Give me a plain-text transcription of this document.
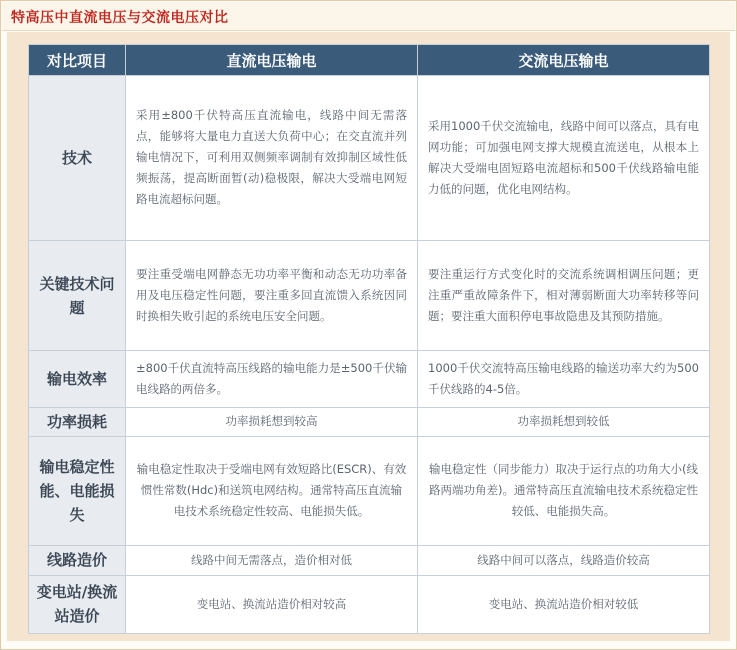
特高压中直流电压与交流电压对比
对比项目	直流电压输电	交流电压输电
技术	采用±800千伏特高压直流输电，线路中间无需落点，能够将大量电力直送大负荷中心；在交直流并列输电情况下，可利用双侧频率调制有效抑制区域性低频振荡，提高断面暂(动)稳极限，解决大受端电网短路电流超标问题。	采用1000千伏交流输电，线路中间可以落点，具有电网功能；可加强电网支撑大规模直流送电，从根本上解决大受端电固短路电流超标和500千伏线路输电能力低的问题，优化电网结构。
关键技术问题	要注重受端电网静态无功功率平衡和动态无功功率备用及电压稳定性问题，要注重多回直流馈入系统因同时换相失败引起的系统电压安全问题。	要注重运行方式变化时的交流系统调相调压问题；更注重严重故障条件下，相对薄弱断面大功率转移等问题；要注重大面积停电事故隐患及其预防措施。
输电效率	±800千伏直流特高压线路的输电能力是±500千伏输电线路的两倍多。	1000千伏交流特高压输电线路的输送功率大约为500千伏线路的4-5倍。
功率损耗	功率损耗想到较高	功率损耗想到较低
输电稳定性能、电能损失	输电稳定性取决于受端电网有效短路比(ESCR)、有效惯性常数(Hdc)和送筑电网结构。通常特高压直流输电技术系统稳定性较高、电能损失低。	输电稳定性（同步能力）取决于运行点的功角大小(线路两端功角差)。通常特高压直流输电技术系统稳定性较低、电能损失高。
线路造价	线路中间无需落点，造价相对低	线路中间可以落点，线路造价较高
变电站/换流站造价	变电站、换流站造价相对较高	变电站、换流站造价相对较低
